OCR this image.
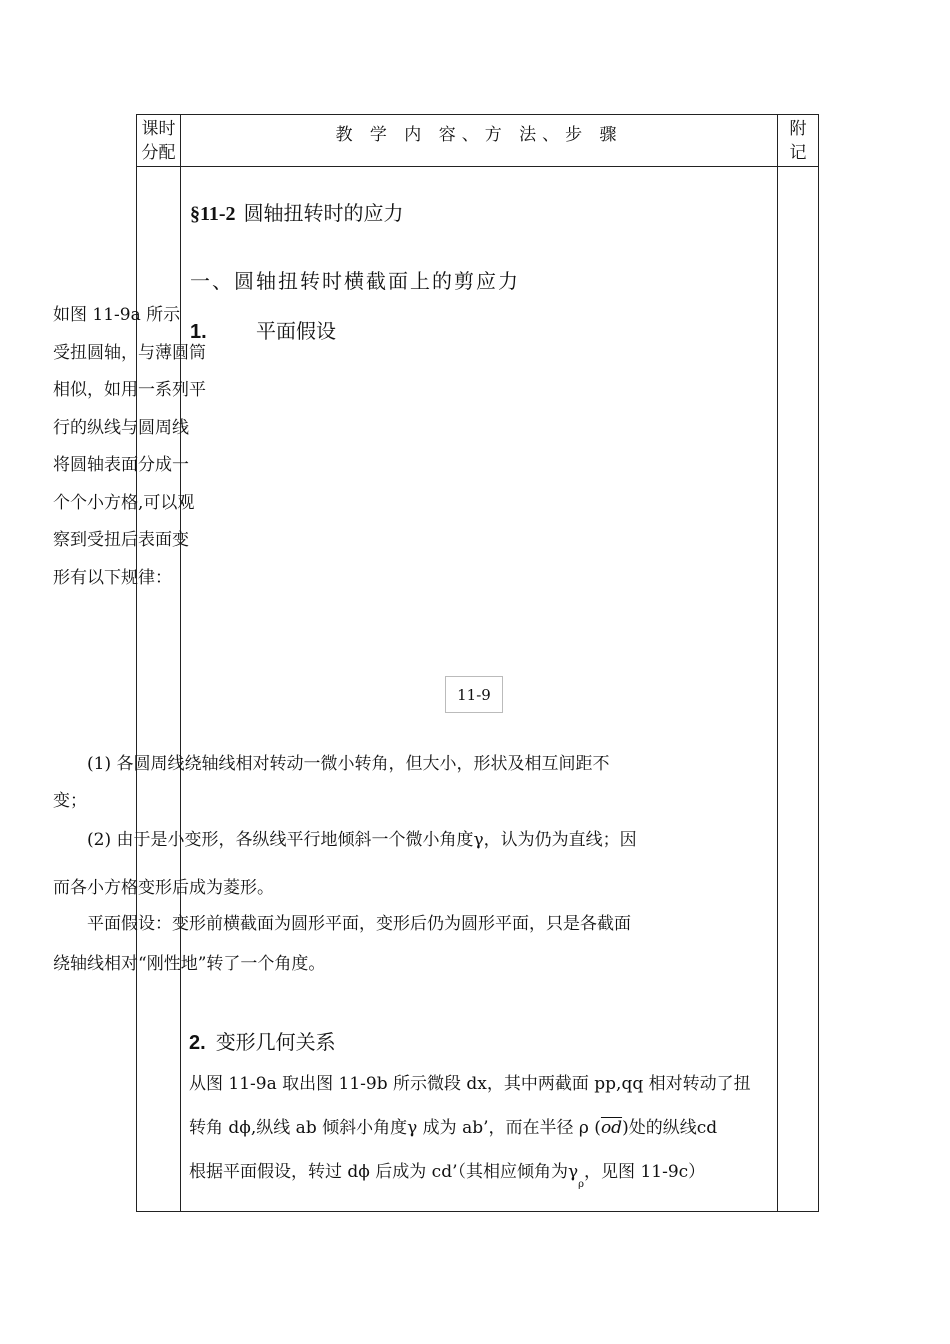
课时
分配
教 学 内 容、方 法、步 骤	附
记
§11-2 圆轴扭转时的应力
一、圆轴扭转时横截面上的剪应力
1. 平面假设
如图 11-9a 所示
受扭圆轴，与薄圆筒
相似，如用一系列平
行的纵线与圆周线
将圆轴表面分成一
个个小方格,可以观
察到受扭后表面变
形有以下规律：
11-9
(1) 各圆周线绕轴线相对转动一微小转角，但大小，形状及相互间距不变；
(2) 由于是小变形，各纵线平行地倾斜一个微小角度γ，认为仍为直线；因而各小方格变形后成为菱形。
平面假设：变形前横截面为圆形平面，变形后仍为圆形平面，只是各截面绕轴线相对“刚性地”转了一个角度。
2. 变形几何关系
从图 11-9a 取出图 11-9b 所示微段 dx，其中两截面 pp,qq 相对转动了扭
转角 dϕ,纵线 ab 倾斜小角度γ 成为 ab’，而在半径 ρ $(\overline{od})$处的纵线cd
根据平面假设，转过 dϕ 后成为 cd’（其相应倾角为$\gamma_\rho$，见图 11-9c）
